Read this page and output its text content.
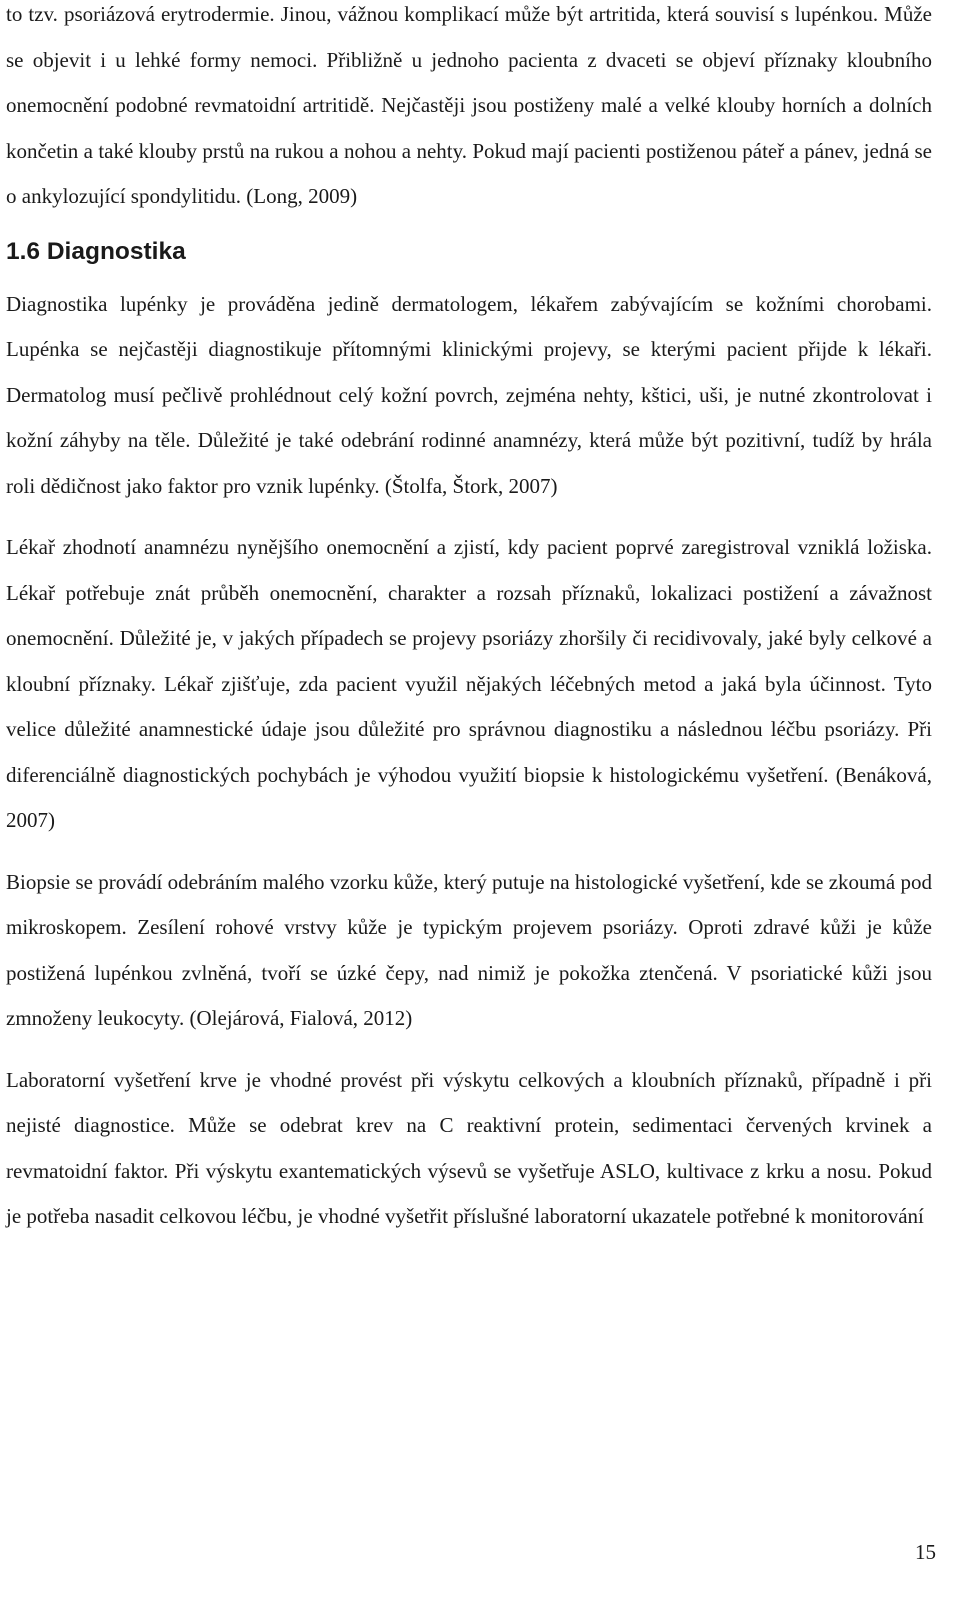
to tzv. psoriázová erytrodermie. Jinou, vážnou komplikací může být artritida, která souvisí s lupénkou. Může se objevit i u lehké formy nemoci. Přibližně u jednoho pacienta z dvaceti se objeví příznaky kloubního onemocnění podobné revmatoidní artritidě. Nejčastěji jsou postiženy malé a velké klouby horních a dolních končetin a také klouby prstů na rukou a nohou a nehty. Pokud mají pacienti postiženou páteř a pánev, jedná se o ankylozující spondylitidu. (Long, 2009)

1.6 Diagnostika

Diagnostika lupénky je prováděna jedině dermatologem, lékařem zabývajícím se kožními chorobami. Lupénka se nejčastěji diagnostikuje přítomnými klinickými projevy, se kterými pacient přijde k lékaři. Dermatolog musí pečlivě prohlédnout celý kožní povrch, zejména nehty, kštici, uši, je nutné zkontrolovat i kožní záhyby na těle. Důležité je také odebrání rodinné anamnézy, která může být pozitivní, tudíž by hrála roli dědičnost jako faktor pro vznik lupénky. (Štolfa, Štork, 2007)

Lékař zhodnotí anamnézu nynějšího onemocnění a zjistí, kdy pacient poprvé zaregistroval vzniklá ložiska. Lékař potřebuje znát průběh onemocnění, charakter a rozsah příznaků, lokalizaci postižení a závažnost onemocnění. Důležité je, v jakých případech se projevy psoriázy zhoršily či recidivovaly, jaké byly celkové a kloubní příznaky. Lékař zjišťuje, zda pacient využil nějakých léčebných metod a jaká byla účinnost. Tyto velice důležité anamnestické údaje jsou důležité pro správnou diagnostiku a následnou léčbu psoriázy. Při diferenciálně diagnostických pochybách je výhodou využití biopsie k histologickému vyšetření. (Benáková, 2007)

Biopsie se provádí odebráním malého vzorku kůže, který putuje na histologické vyšetření, kde se zkoumá pod mikroskopem. Zesílení rohové vrstvy kůže je typickým projevem psoriázy. Oproti zdravé kůži je kůže postižená lupénkou zvlněná, tvoří se úzké čepy, nad nimiž je pokožka ztenčená. V psoriatické kůži jsou zmnoženy leukocyty. (Olejárová, Fialová, 2012)

Laboratorní vyšetření krve je vhodné provést při výskytu celkových a kloubních příznaků, případně i při nejisté diagnostice. Může se odebrat krev na C reaktivní protein, sedimentaci červených krvinek a revmatoidní faktor. Při výskytu exantematických výsevů se vyšetřuje ASLO, kultivace z krku a nosu. Pokud je potřeba nasadit celkovou léčbu, je vhodné vyšetřit příslušné laboratorní ukazatele potřebné k monitorování

15
